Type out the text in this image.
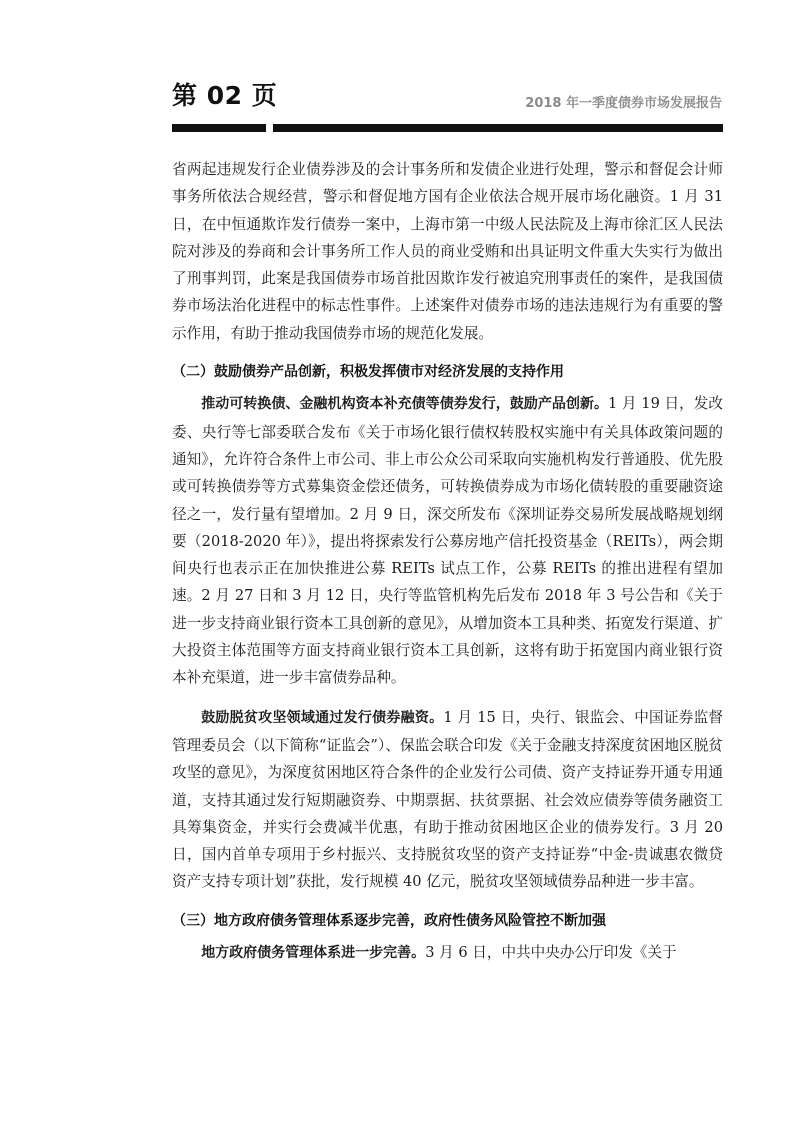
第 02 页	2018 年一季度债券市场发展报告

省两起违规发行企业债券涉及的会计事务所和发债企业进行处理，警示和督促会计师事务所依法合规经营，警示和督促地方国有企业依法合规开展市场化融资。1 月 31 日，在中恒通欺诈发行债券一案中，上海市第一中级人民法院及上海市徐汇区人民法院对涉及的券商和会计事务所工作人员的商业受贿和出具证明文件重大失实行为做出了刑事判罚，此案是我国债券市场首批因欺诈发行被追究刑事责任的案件，是我国债券市场法治化进程中的标志性事件。上述案件对债券市场的违法违规行为有重要的警示作用，有助于推动我国债券市场的规范化发展。

（二）鼓励债券产品创新，积极发挥债市对经济发展的支持作用

推动可转换债、金融机构资本补充债等债券发行，鼓励产品创新。1 月 19 日，发改委、央行等七部委联合发布《关于市场化银行债权转股权实施中有关具体政策问题的通知》，允许符合条件上市公司、非上市公众公司采取向实施机构发行普通股、优先股或可转换债券等方式募集资金偿还债务，可转换债券成为市场化债转股的重要融资途径之一，发行量有望增加。2 月 9 日，深交所发布《深圳证券交易所发展战略规划纲要（2018-2020 年）》，提出将探索发行公募房地产信托投资基金（REITs），两会期间央行也表示正在加快推进公募 REITs 试点工作，公募 REITs 的推出进程有望加速。2 月 27 日和 3 月 12 日，央行等监管机构先后发布 2018 年 3 号公告和《关于进一步支持商业银行资本工具创新的意见》，从增加资本工具种类、拓宽发行渠道、扩大投资主体范围等方面支持商业银行资本工具创新，这将有助于拓宽国内商业银行资本补充渠道，进一步丰富债券品种。

鼓励脱贫攻坚领域通过发行债券融资。1 月 15 日，央行、银监会、中国证券监督管理委员会（以下简称“证监会”）、保监会联合印发《关于金融支持深度贫困地区脱贫攻坚的意见》，为深度贫困地区符合条件的企业发行公司债、资产支持证券开通专用通道，支持其通过发行短期融资券、中期票据、扶贫票据、社会效应债券等债务融资工具筹集资金，并实行会费减半优惠，有助于推动贫困地区企业的债券发行。3 月 20 日，国内首单专项用于乡村振兴、支持脱贫攻坚的资产支持证券“中金-贵诚惠农微贷资产支持专项计划”获批，发行规模 40 亿元，脱贫攻坚领域债券品种进一步丰富。

（三）地方政府债务管理体系逐步完善，政府性债务风险管控不断加强

地方政府债务管理体系进一步完善。3 月 6 日，中共中央办公厅印发《关于
